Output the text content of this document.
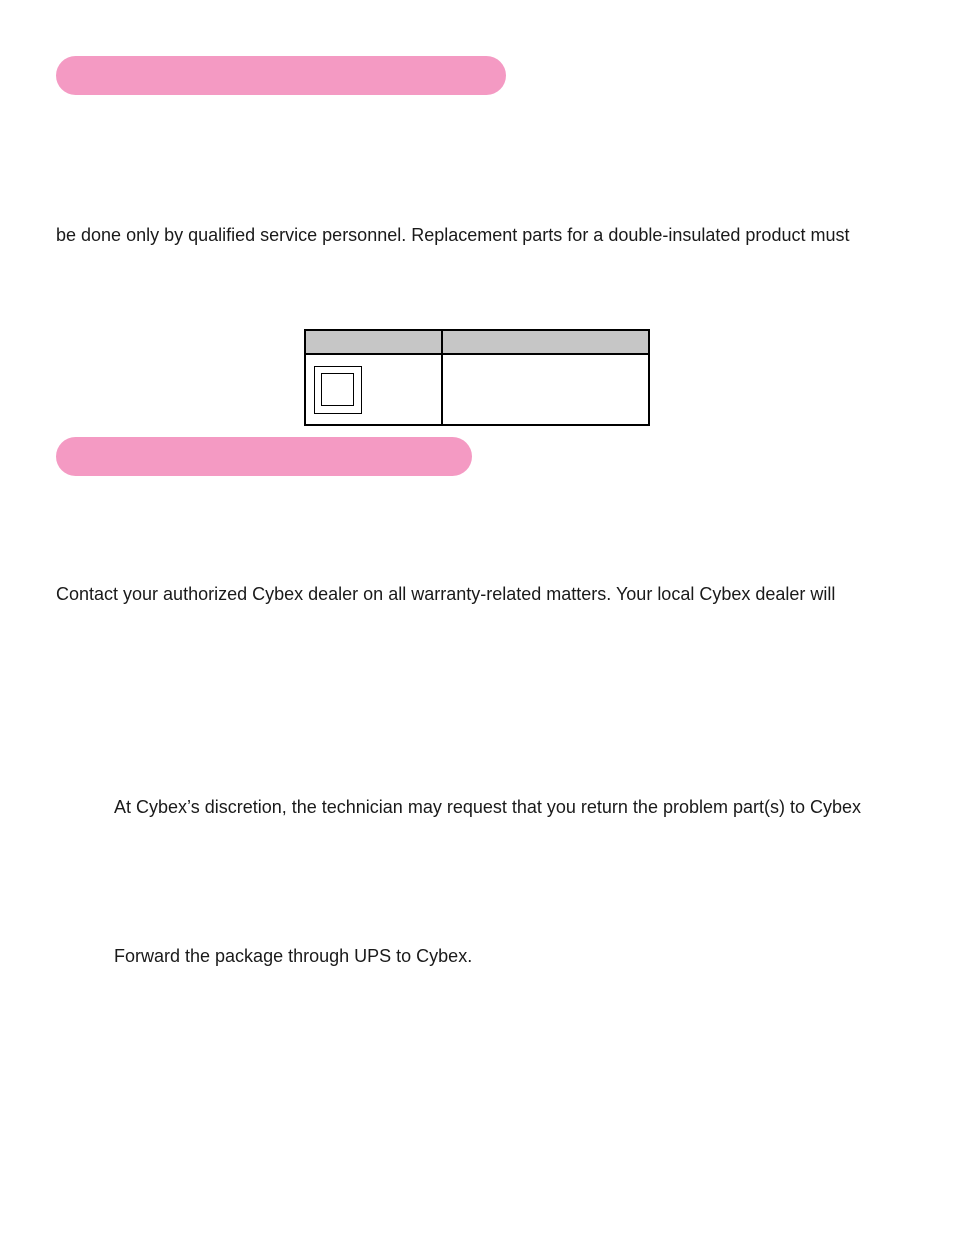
be done only by qualified service personnel. Replacement parts for a double-insulated product must
Contact your authorized Cybex dealer on all warranty-related matters. Your local Cybex dealer will
At Cybex’s discretion, the technician may request that you return the problem part(s) to Cybex
Forward the package through UPS to Cybex.
